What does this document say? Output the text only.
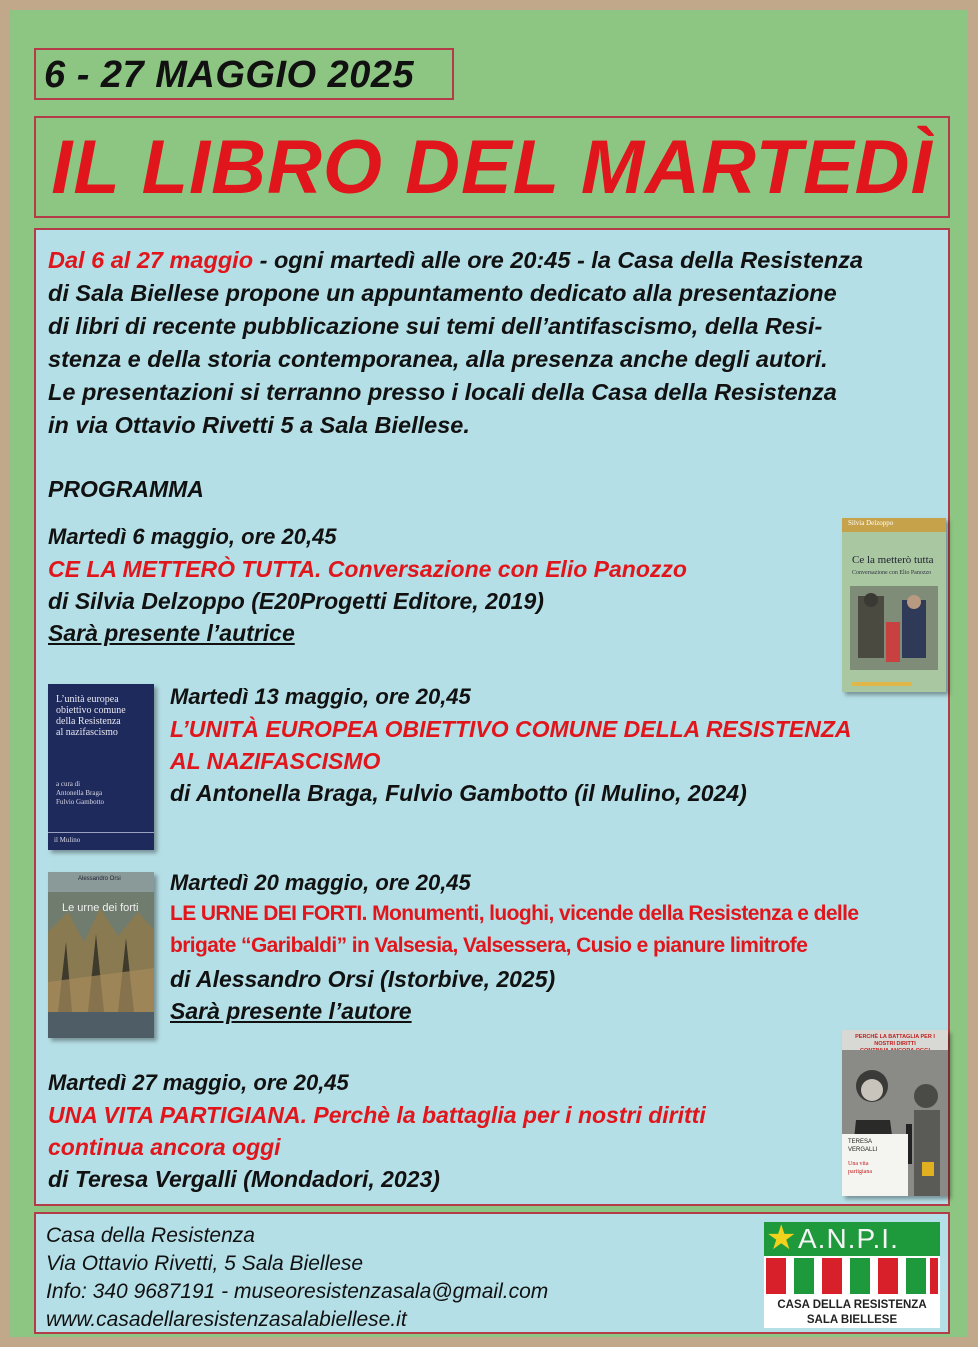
6 - 27 MAGGIO 2025
IL LIBRO DEL MARTEDÌ
Dal 6 al 27 maggio - ogni martedì alle ore 20:45 - la Casa della Resistenza
di Sala Biellese propone un appuntamento dedicato alla presentazione
di libri di recente pubblicazione sui temi dell’antifascismo, della Resi-
stenza e della storia contemporanea, alla presenza anche degli autori.
Le presentazioni si terranno presso i locali della Casa della Resistenza
in via Ottavio Rivetti 5 a Sala Biellese.
PROGRAMMA
Martedì 6 maggio, ore 20,45
CE LA METTERÒ TUTTA. Conversazione con Elio Panozzo
di Silvia Delzoppo (E20Progetti Editore, 2019)
Sarà presente l’autrice
Silvia Delzoppo
Ce la metterò tutta
Conversazione con Elio Panozzo
L’unità europea
obiettivo comune
della Resistenza
al nazifascismo
a cura di
Antonella Braga
Fulvio Gambotto
il Mulino
Martedì 13 maggio, ore 20,45
L’UNITÀ EUROPEA OBIETTIVO COMUNE DELLA RESISTENZA
AL NAZIFASCISMO
di Antonella Braga, Fulvio Gambotto (il Mulino, 2024)
Le urne dei forti
Alessandro Orsi Martedì 20 maggio, ore 20,45
LE URNE DEI FORTI. Monumenti, luoghi, vicende della Resistenza e delle
brigate “Garibaldi” in Valsesia, Valsessera, Cusio e pianure limitrofe
di Alessandro Orsi (Istorbive, 2025)
Sarà presente l’autore
Martedì 27 maggio, ore 20,45
UNA VITA PARTIGIANA. Perchè la battaglia per i nostri diritti
continua ancora oggi
di Teresa Vergalli (Mondadori, 2023)
PERCHÈ LA BATTAGLIA PER I NOSTRI DIRITTI
TERESA
VERGALLI
Una vita
partigiana
Casa della Resistenza
Via Ottavio Rivetti, 5 Sala Biellese
Info: 340 9687191 - museoresistenzasala@gmail.com
www.casadellaresistenzasalabiellese.it
★ A.N.P.I.
CASA DELLA RESISTENZA
SALA BIELLESE
